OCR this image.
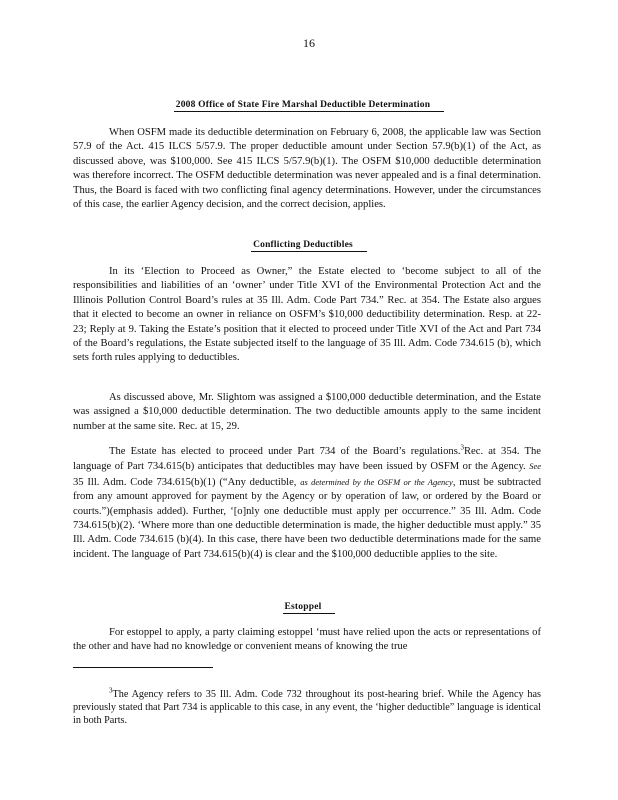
16
2008 Office of State Fire Marshal Deductible Determination

When OSFM made its deductible determination on February 6, 2008, the applicable law was Section 57.9 of the Act. 415 ILCS 5/57.9. The proper deductible amount under Section 57.9(b)(1) of the Act, as discussed above, was $100,000. See 415 ILCS 5/57.9(b)(1). The OSFM $10,000 deductible determination was therefore incorrect. The OSFM deductible determination was never appealed and is a final determination. Thus, the Board is faced with two conflicting final agency determinations. However, under the circumstances of this case, the earlier Agency decision, and the correct decision, applies.

Conflicting Deductibles

In its ‘Election to Proceed as Owner,” the Estate elected to ‘become subject to all of the responsibilities and liabilities of an ‘owner’ under Title XVI of the Environmental Protection Act and the Illinois Pollution Control Board’s rules at 35 Ill. Adm. Code Part 734.” Rec. at 354. The Estate also argues that it elected to become an owner in reliance on OSFM’s $10,000 deductibility determination. Resp. at 22-23; Reply at 9. Taking the Estate’s position that it elected to proceed under Title XVI of the Act and Part 734 of the Board’s regulations, the Estate subjected itself to the language of 35 Ill. Adm. Code 734.615 (b), which sets forth rules applying to deductibles.

As discussed above, Mr. Slightom was assigned a $100,000 deductible determination, and the Estate was assigned a $10,000 deductible determination. The two deductible amounts apply to the same incident number at the same site. Rec. at 15, 29.

The Estate has elected to proceed under Part 734 of the Board’s regulations.$^3$Rec. at 354. The language of Part 734.615(b) anticipates that deductibles may have been issued by OSFM or the Agency. See 35 Ill. Adm. Code 734.615(b)(1) (“Any deductible, as determined by the OSFM or the Agency, must be subtracted from any amount approved for payment by the Agency or by operation of law, or ordered by the Board or courts.”)(emphasis added). Further, ‘[o]nly one deductible must apply per occurrence.” 35 Ill. Adm. Code 734.615(b)(2). ‘Where more than one deductible determination is made, the higher deductible must apply.” 35 Ill. Adm. Code 734.615 (b)(4). In this case, there have been two deductible determinations made for the same incident. The language of Part 734.615(b)(4) is clear and the $100,000 deductible applies to the site.

Estoppel

For estoppel to apply, a party claiming estoppel ‘must have relied upon the acts or representations of the other and have had no knowledge or convenient means of knowing the true

$^3$The Agency refers to 35 Ill. Adm. Code 732 throughout its post-hearing brief. While the Agency has previously stated that Part 734 is applicable to this case, in any event, the ‘higher deductible” language is identical in both Parts.
